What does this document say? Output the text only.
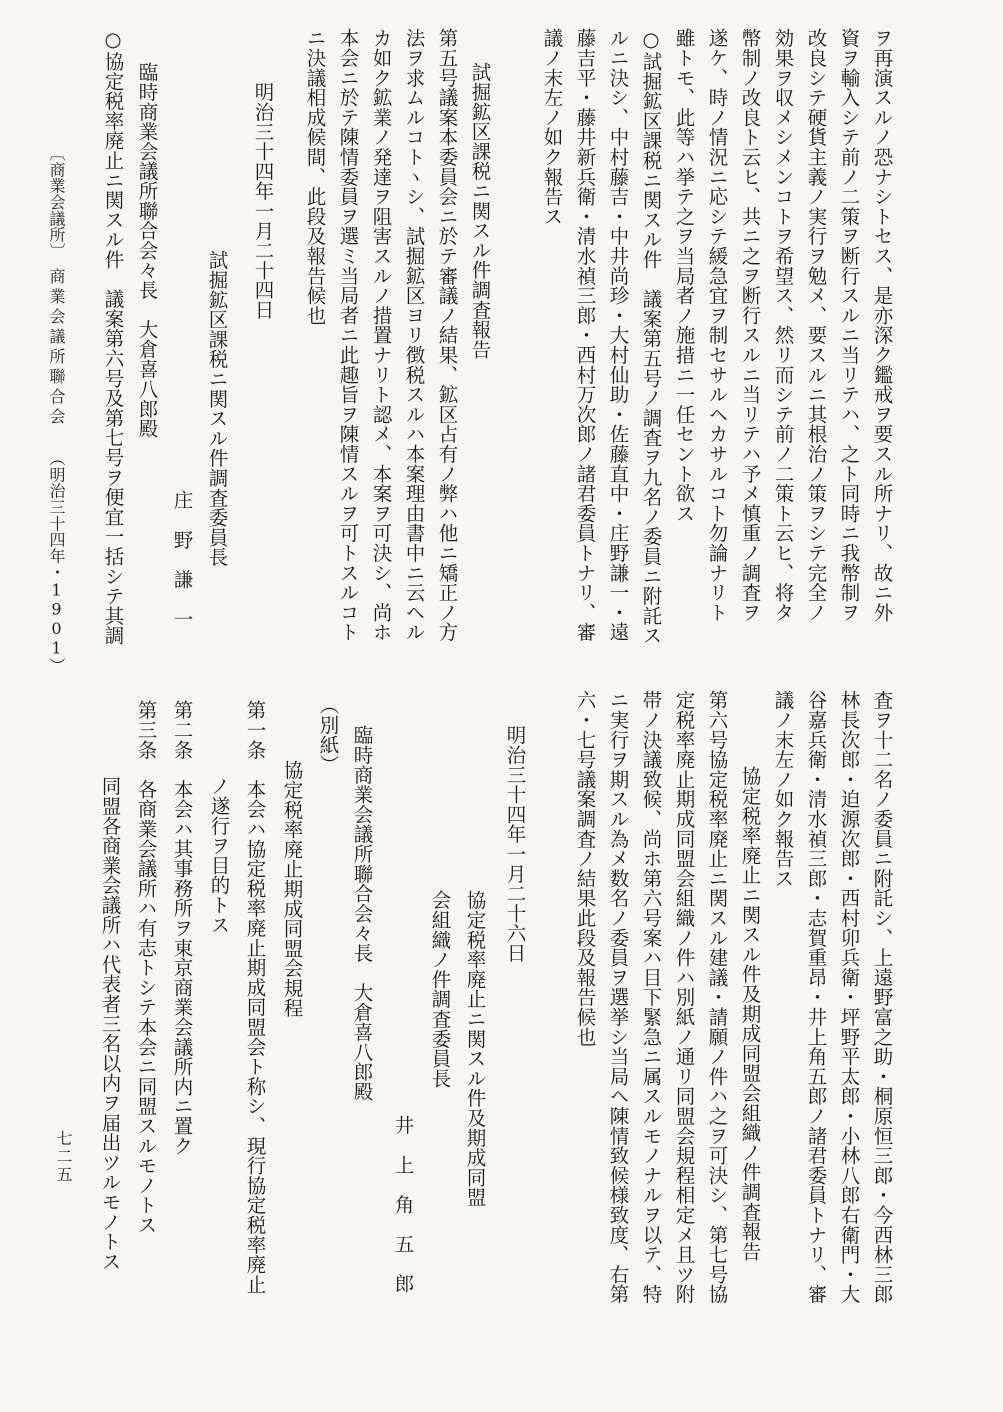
ヲ再演スルノ恐ナシトセス、是亦深ク鑑戒ヲ要スル所ナリ、故ニ外
資ヲ輸入シテ前ノ二策ヲ断行スルニ当リテハ、之ト同時ニ我幣制ヲ
改良シテ硬貨主義ノ実行ヲ勉メ、要スルニ其根治ノ策ヲシテ完全ノ
効果ヲ収メシメンコトヲ希望ス、然リ而シテ前ノ二策ト云ヒ、将タ
幣制ノ改良ト云ヒ、共ニ之ヲ断行スルニ当リテハ予メ慎重ノ調査ヲ
遂ケ、時ノ情況ニ応シテ緩急宜ヲ制セサルヘカサルコト勿論ナリト
雖トモ、此等ハ挙テ之ヲ当局者ノ施措ニ一任セント欲ス
○試掘鉱区課税ニ関スル件　議案第五号ノ調査ヲ九名ノ委員ニ附託ス
ルニ決シ、中村藤吉・中井尚珍・大村仙助・佐藤直中・庄野謙一・遠
藤吉平・藤井新兵衛・清水禎三郎・西村万次郎ノ諸君委員トナリ、審
議ノ末左ノ如ク報告ス
試掘鉱区課税ニ関スル件調査報告
第五号議案本委員会ニ於テ審議ノ結果、鉱区占有ノ弊ハ他ニ矯正ノ方
法ヲ求ムルコトヽシ、試掘鉱区ヨリ徴税スルハ本案理由書中ニ云ヘル
カ如ク鉱業ノ発達ヲ阻害スルノ措置ナリト認メ、本案ヲ可決シ、尚ホ
本会ニ於テ陳情委員ヲ選ミ当局者ニ此趣旨ヲ陳情スルヲ可トスルコト
ニ決議相成候間、此段及報告候也
明治三十四年一月二十四日
試掘鉱区課税ニ関スル件調査委員長
庄　野　謙　一
臨時商業会議所聯合会々長　大倉喜八郎殿
○協定税率廃止ニ関スル件　議案第六号及第七号ヲ便宜一括シテ其調
査ヲ十二名ノ委員ニ附託シ、上遠野富之助・桐原恒三郎・今西林三郎
林長次郎・迫源次郎・西村卯兵衛・坪野平太郎・小林八郎右衛門・大
谷嘉兵衛・清水禎三郎・志賀重昂・井上角五郎ノ諸君委員トナリ、審
議ノ末左ノ如ク報告ス
協定税率廃止ニ関スル件及期成同盟会組織ノ件調査報告
第六号協定税率廃止ニ関スル建議・請願ノ件ハ之ヲ可決シ、第七号協
定税率廃止期成同盟会組織ノ件ハ別紙ノ通リ同盟会規程相定メ且ツ附
帯ノ決議致候、尚ホ第六号案ハ目下緊急ニ属スルモノナルヲ以テ、特
ニ実行ヲ期スル為メ数名ノ委員ヲ選挙シ当局ヘ陳情致候様致度、右第
六・七号議案調査ノ結果此段及報告候也
明治三十四年一月二十六日
協定税率廃止ニ関スル件及期成同盟
会組織ノ件調査委員長
井　上　角　五　郎
臨時商業会議所聯合会々長　大倉喜八郎殿
（別紙）
協定税率廃止期成同盟会規程
第一条　本会ハ協定税率廃止期成同盟会ト称シ、現行協定税率廃止
ノ遂行ヲ目的トス
第二条　本会ハ其事務所ヲ東京商業会議所内ニ置ク
第三条　各商業会議所ハ有志トシテ本会ニ同盟スルモノトス
同盟各商業会議所ハ代表者三名以内ヲ届出ツルモノトス
〔商業会議所〕
商業会議所聯合会
（明治三十四年・1901）
七二五
